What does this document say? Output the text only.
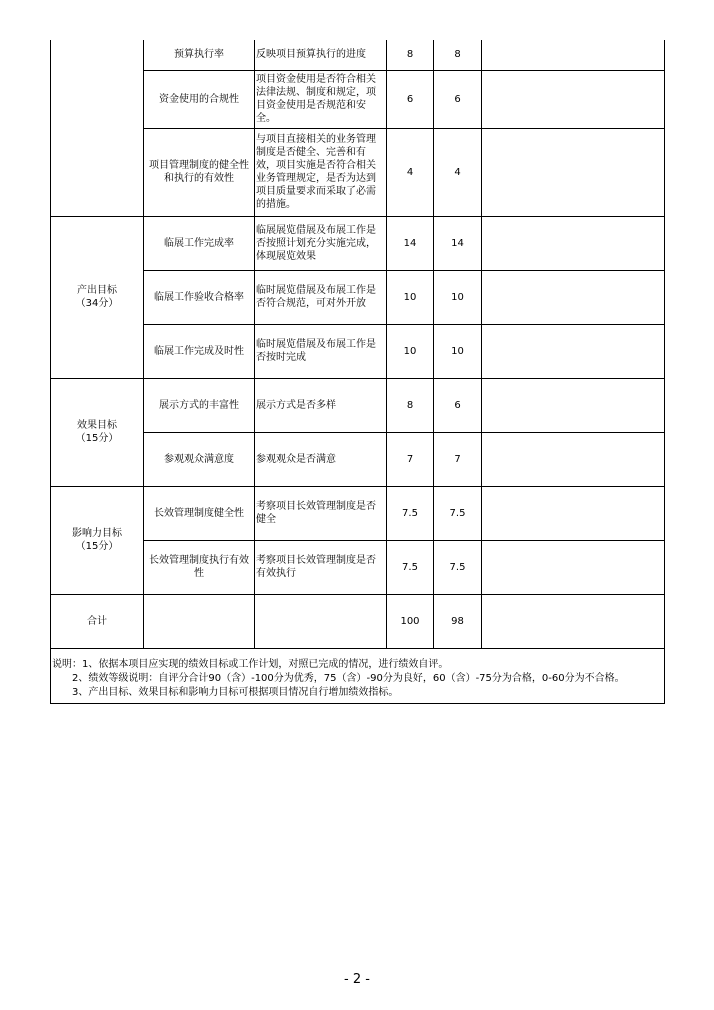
	预算执行率	反映项目预算执行的进度	8	8	
	资金使用的合规性	项目资金使用是否符合相关法律法规、制度和规定，项目资金使用是否规范和安全。	6	6	
	项目管理制度的健全性和执行的有效性	与项目直接相关的业务管理制度是否健全、完善和有效，项目实施是否符合相关业务管理规定，是否为达到项目质量要求而采取了必需的措施。	4	4	

产出目标
（34分）	临展工作完成率	临展展览借展及布展工作是否按照计划充分实施完成，体现展览效果	14	14	
	临展工作验收合格率	临时展览借展及布展工作是否符合规范，可对外开放	10	10	
	临展工作完成及时性	临时展览借展及布展工作是否按时完成	10	10	

效果目标
（15分）	展示方式的丰富性	展示方式是否多样	8	6	
	参观观众满意度	参观观众是否满意	7	7	

影响力目标
（15分）	长效管理制度健全性	考察项目长效管理制度是否健全	7.5	7.5	
	长效管理制度执行有效性	考察项目长效管理制度是否有效执行	7.5	7.5	
合计			100	98	
说明：1、依据本项目应实现的绩效目标或工作计划，对照已完成的情况，进行绩效自评。
2、绩效等级说明：自评分合计90（含）-100分为优秀，75（含）-90分为良好，60（含）-75分为合格，0-60分为不合格。
3、产出目标、效果目标和影响力目标可根据项目情况自行增加绩效指标。
- 2 -
